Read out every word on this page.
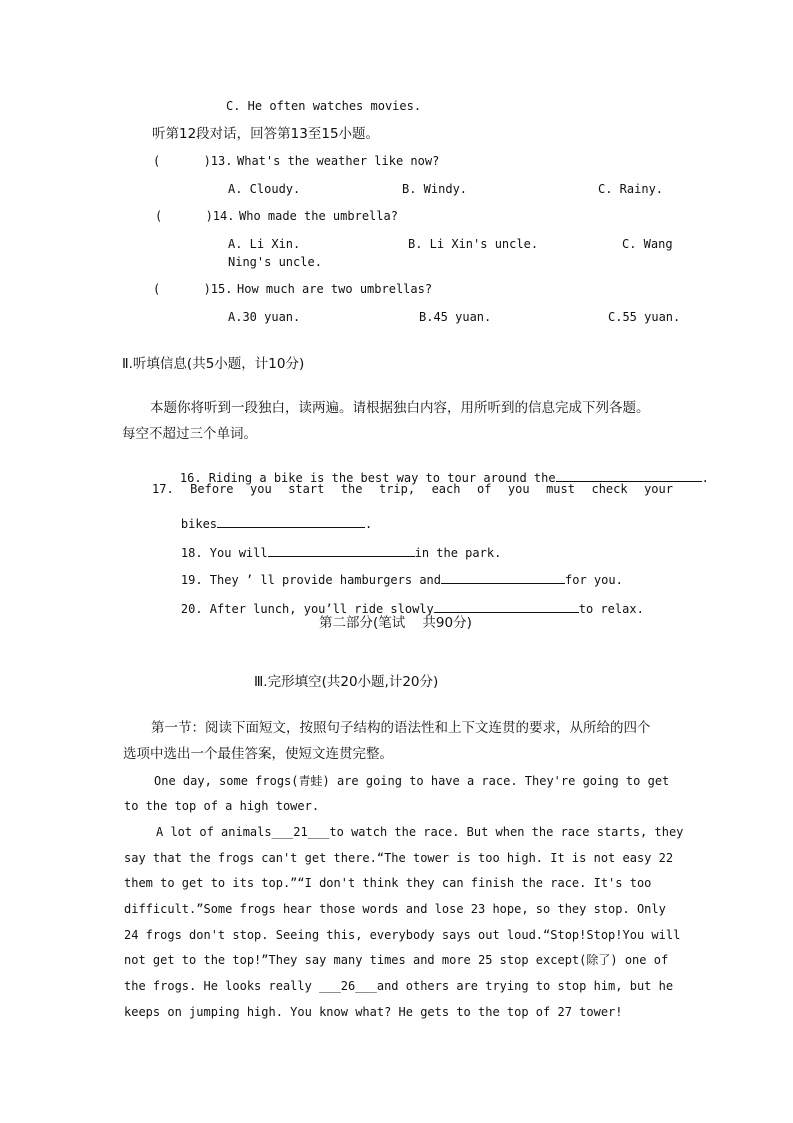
C. He often watches movies.
听第12段对话，回答第13至15小题。
(      )13. What's the weather like now?
A. Cloudy.	B. Windy.	C. Rainy.
(      )14. Who made the umbrella?
A. Li Xin.	B. Li Xin's uncle.	C. Wang
Ning's uncle.
(      )15. How much are two umbrellas?
A.30 yuan.	B.45 yuan.	C.55 yuan.
Ⅱ.听填信息(共5小题，计10分)
本题你将听到一段独白，读两遍。请根据独白内容，用所听到的信息完成下列各题。
每空不超过三个单词。

16. Riding a bike is the best way to tour around the	.

17. Before you start the trip, each of you must check your

bikes	.

18. You will	in the park.

19. They ’ ll provide hamburgers and	for you.

20. After lunch, you’ll ride slowly	to relax.

第二部分(笔试    共90分)
Ⅲ.完形填空(共20小题,计20分)
第一节：阅读下面短文，按照句子结构的语法性和上下文连贯的要求，从所给的四个
选项中选出一个最佳答案，使短文连贯完整。
One day, some frogs(青蛙) are going to have a race. They're going to get
to the top of a high tower.
A lot of animals___21___to watch the race. But when the race starts, they
say that the frogs can't get there.“The tower is too high. It is not easy 22
them to get to its top.”“I don't think they can finish the race. It's too
difficult.”Some frogs hear those words and lose 23 hope, so they stop. Only
24 frogs don't stop. Seeing this, everybody says out loud.“Stop!Stop!You will
not get to the top!”They say many times and more 25 stop except(除了) one of
the frogs. He looks really ___26___and others are trying to stop him, but he
keeps on jumping high. You know what? He gets to the top of 27 tower!
